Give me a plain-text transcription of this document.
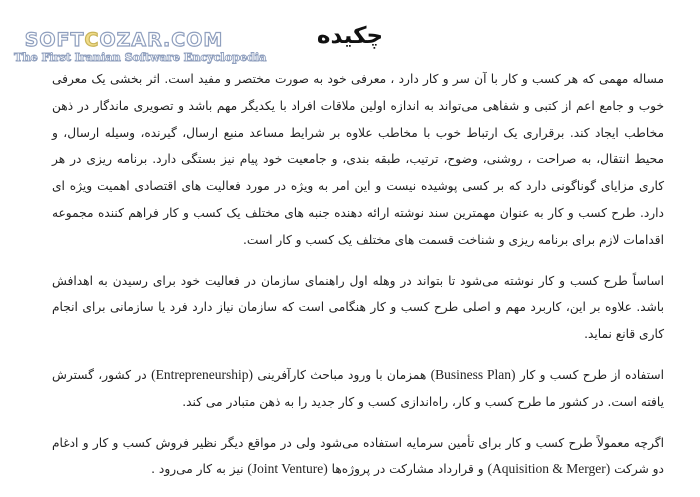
SOFTCOZAR.COM
The First Iranian Software Encyclopedia
چکیده

مساله مهمی که هر کسب و کار با آن سر و کار دارد ، معرفی خود به صورت مختصر و مفید است. اثر بخشی یک معرفی خوب و جامع اعم از کتبی و شفاهی می‌تواند به اندازه اولین ملاقات افراد با یکدیگر مهم باشد و تصویری ماندگار در ذهن مخاطب ایجاد کند. برقراری یک ارتباط خوب با مخاطب علاوه بر شرایط مساعد منبع ارسال، گیرنده، وسیله ارسال، و محیط انتقال، به صراحت ، روشنی، وضوح، ترتیب، طبقه بندی، و جامعیت خود پیام نیز بستگی دارد. برنامه ریزی در هر کاری مزایای گوناگونی دارد که بر کسی پوشیده نیست و این امر به ویژه در مورد فعالیت های اقتصادی اهمیت ویژه ای دارد. طرح کسب و کار به عنوان مهمترین سند نوشته ارائه دهنده جنبه های مختلف یک کسب و کار فراهم کننده مجموعه اقدامات لازم برای برنامه ریزی و شناخت قسمت های مختلف یک کسب و کار است.

اساساً طرح کسب و کار نوشته می‌شود تا بتواند در وهله اول راهنمای سازمان در فعالیت خود برای رسیدن به اهدافش باشد. علاوه بر این، کاربرد مهم و اصلی طرح کسب و کار هنگامی است که سازمان نیاز دارد فرد یا سازمانی برای انجام کاری قانع نماید.

استفاده از طرح کسب و کار (Business Plan) همزمان با ورود مباحث کارآفرینی (Entrepreneurship) در کشور، گسترش یافته است. در کشور ما طرح کسب و کار، راه‌اندازی کسب و کار جدید را به ذهن متبادر می کند.

اگرچه معمولاً طرح کسب و کار برای تأمین سرمایه استفاده می‌شود ولی در مواقع دیگر نظیر فروش کسب و کار و ادغام دو شرکت (Aquisition & Merger) و قرارداد مشارکت در پروژه‌ها (Joint Venture) نیز به کار می‌رود .
